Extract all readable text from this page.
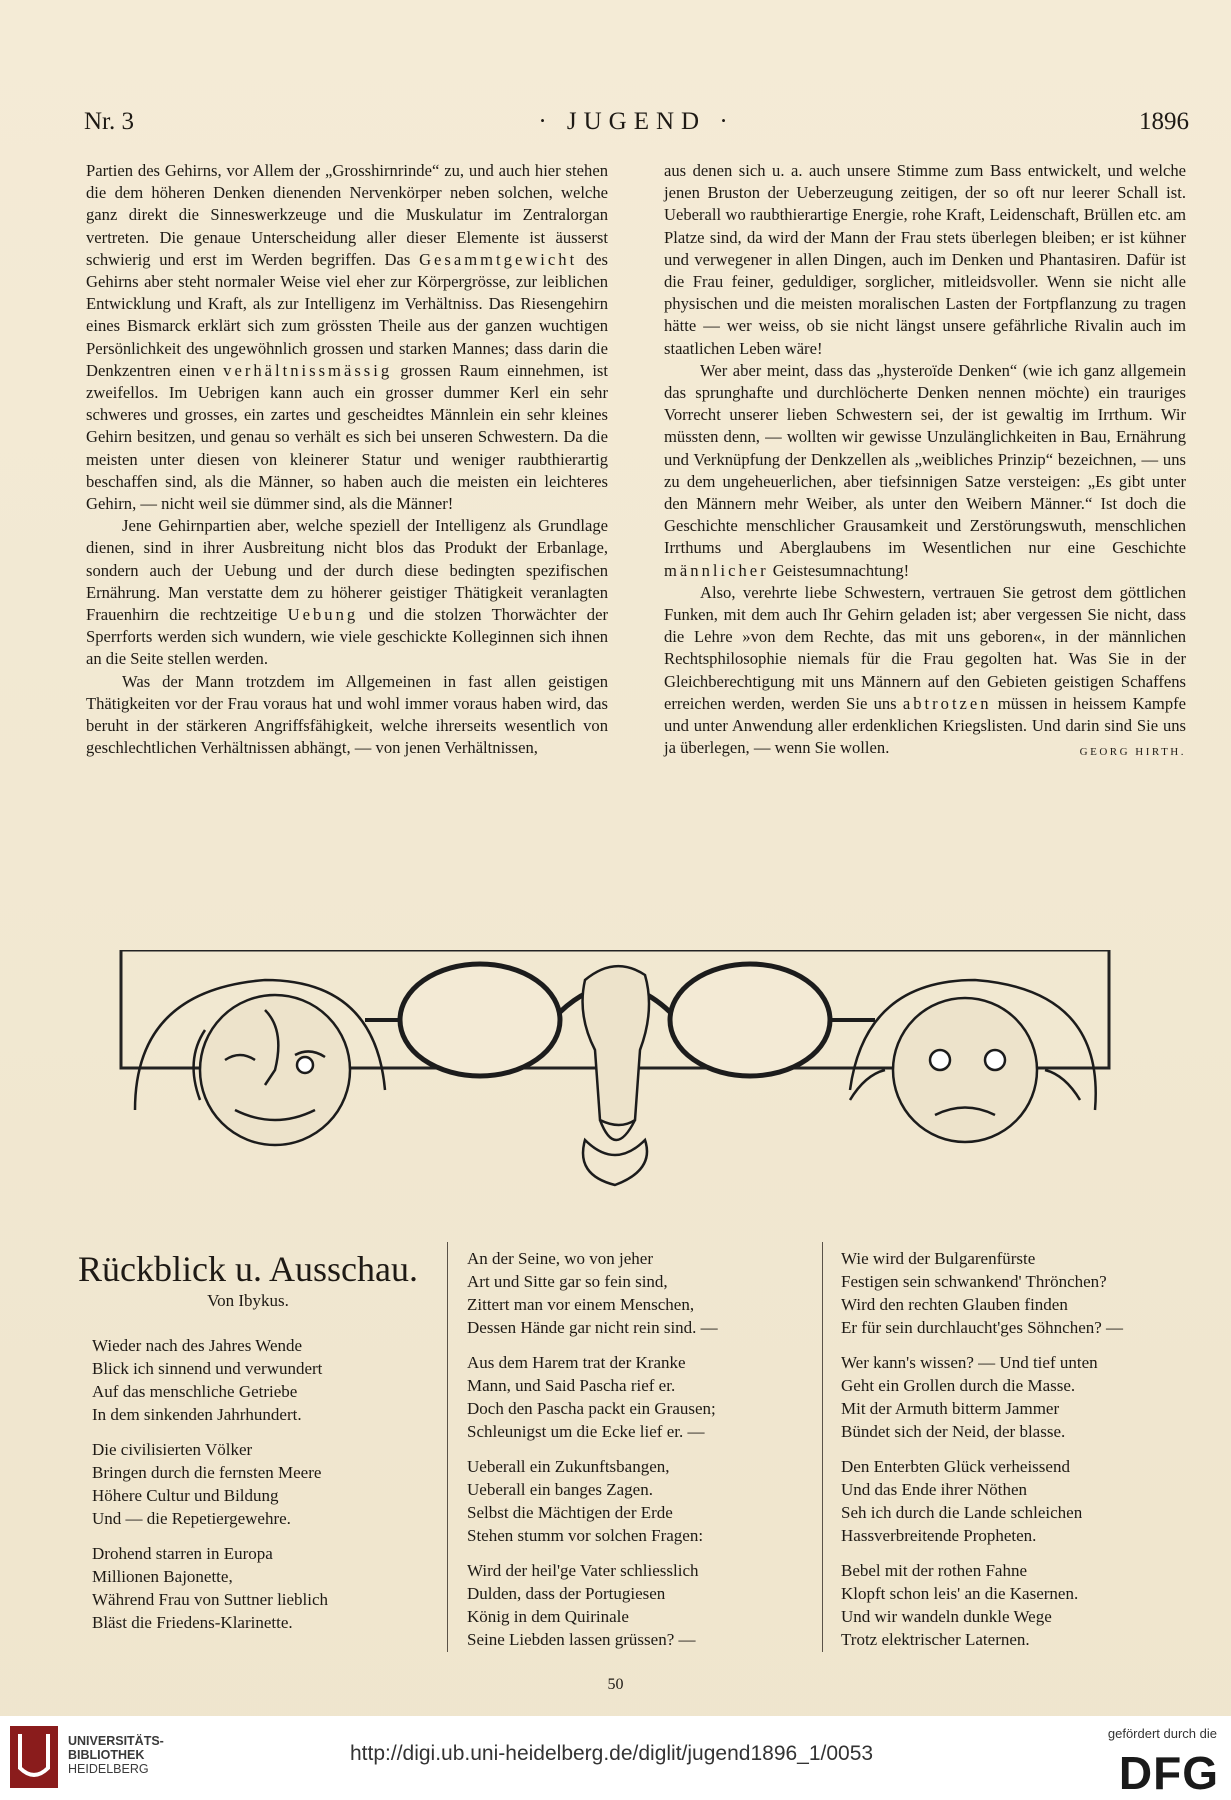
Nr. 3	· JUGEND ·	1896

Partien des Gehirns, vor Allem der „Grosshirnrinde“ zu, und auch hier stehen die dem höheren Denken dienenden Nervenkörper neben solchen, welche ganz direkt die Sinneswerkzeuge und die Muskulatur im Zentralorgan vertreten. Die genaue Unterscheidung aller dieser Elemente ist äusserst schwierig und erst im Werden begriffen. Das Gesammtgewicht des Gehirns aber steht normaler Weise viel eher zur Körpergrösse, zur leiblichen Entwicklung und Kraft, als zur Intelligenz im Verhältniss. Das Riesengehirn eines Bismarck erklärt sich zum grössten Theile aus der ganzen wuchtigen Persönlichkeit des ungewöhnlich grossen und starken Mannes; dass darin die Denkzentren einen verhältnissmässig grossen Raum einnehmen, ist zweifellos. Im Uebrigen kann auch ein grosser dummer Kerl ein sehr schweres und grosses, ein zartes und gescheidtes Männlein ein sehr kleines Gehirn besitzen, und genau so verhält es sich bei unseren Schwestern. Da die meisten unter diesen von kleinerer Statur und weniger raubthierartig beschaffen sind, als die Männer, so haben auch die meisten ein leichteres Gehirn, — nicht weil sie dümmer sind, als die Männer!

Jene Gehirnpartien aber, welche speziell der Intelligenz als Grundlage dienen, sind in ihrer Ausbreitung nicht blos das Produkt der Erbanlage, sondern auch der Uebung und der durch diese bedingten spezifischen Ernährung. Man verstatte dem zu höherer geistiger Thätigkeit veranlagten Frauenhirn die rechtzeitige Uebung und die stolzen Thorwächter der Sperrforts werden sich wundern, wie viele geschickte Kolleginnen sich ihnen an die Seite stellen werden.

Was der Mann trotzdem im Allgemeinen in fast allen geistigen Thätigkeiten vor der Frau voraus hat und wohl immer voraus haben wird, das beruht in der stärkeren Angriffsfähigkeit, welche ihrerseits wesentlich von geschlechtlichen Verhältnissen abhängt, — von jenen Verhältnissen,

aus denen sich u. a. auch unsere Stimme zum Bass entwickelt, und welche jenen Bruston der Ueberzeugung zeitigen, der so oft nur leerer Schall ist. Ueberall wo raubthierartige Energie, rohe Kraft, Leidenschaft, Brüllen etc. am Platze sind, da wird der Mann der Frau stets überlegen bleiben; er ist kühner und verwegener in allen Dingen, auch im Denken und Phantasiren. Dafür ist die Frau feiner, geduldiger, sorglicher, mitleidsvoller. Wenn sie nicht alle physischen und die meisten moralischen Lasten der Fortpflanzung zu tragen hätte — wer weiss, ob sie nicht längst unsere gefährliche Rivalin auch im staatlichen Leben wäre!

Wer aber meint, dass das „hysteroïde Denken“ (wie ich ganz allgemein das sprunghafte und durchlöcherte Denken nennen möchte) ein trauriges Vorrecht unserer lieben Schwestern sei, der ist gewaltig im Irrthum. Wir müssten denn, — wollten wir gewisse Unzulänglichkeiten in Bau, Ernährung und Verknüpfung der Denkzellen als „weibliches Prinzip“ bezeichnen, — uns zu dem ungeheuerlichen, aber tiefsinnigen Satze versteigen: „Es gibt unter den Männern mehr Weiber, als unter den Weibern Männer.“ Ist doch die Geschichte menschlicher Grausamkeit und Zerstörungswuth, menschlichen Irrthums und Aberglaubens im Wesentlichen nur eine Geschichte männlicher Geistesumnachtung!

Also, verehrte liebe Schwestern, vertrauen Sie getrost dem göttlichen Funken, mit dem auch Ihr Gehirn geladen ist; aber vergessen Sie nicht, dass die Lehre »von dem Rechte, das mit uns geboren«, in der männlichen Rechtsphilosophie niemals für die Frau gegolten hat. Was Sie in der Gleichberechtigung mit uns Männern auf den Gebieten geistigen Schaffens erreichen werden, werden Sie uns abtrotzen müssen in heissem Kampfe und unter Anwendung aller erdenklichen Kriegslisten. Und darin sind Sie uns ja überlegen, — wenn Sie wollen.	GEORG HIRTH.

Rückblick u. Ausschau.
Von Ibykus.
Wieder nach des Jahres Wende
Blick ich sinnend und verwundert
Auf das menschliche Getriebe
In dem sinkenden Jahrhundert.
Die civilisierten Völker
Bringen durch die fernsten Meere
Höhere Cultur und Bildung
Und — die Repetiergewehre.
Drohend starren in Europa
Millionen Bajonette,
Während Frau von Suttner lieblich
Bläst die Friedens-Klarinette.
An der Seine, wo von jeher
Art und Sitte gar so fein sind,
Zittert man vor einem Menschen,
Dessen Hände gar nicht rein sind. —
Aus dem Harem trat der Kranke
Mann, und Said Pascha rief er.
Doch den Pascha packt ein Grausen;
Schleunigst um die Ecke lief er. —
Ueberall ein Zukunftsbangen,
Ueberall ein banges Zagen.
Selbst die Mächtigen der Erde
Stehen stumm vor solchen Fragen:
Wird der heil'ge Vater schliesslich
Dulden, dass der Portugiesen
König in dem Quirinale
Seine Liebden lassen grüssen? —
Wie wird der Bulgarenfürste
Festigen sein schwankend' Thrönchen?
Wird den rechten Glauben finden
Er für sein durchlaucht'ges Söhnchen? —
Wer kann's wissen? — Und tief unten
Geht ein Grollen durch die Masse.
Mit der Armuth bitterm Jammer
Bündet sich der Neid, der blasse.
Den Enterbten Glück verheissend
Und das Ende ihrer Nöthen
Seh ich durch die Lande schleichen
Hassverbreitende Propheten.
Bebel mit der rothen Fahne
Klopft schon leis' an die Kasernen.
Und wir wandeln dunkle Wege
Trotz elektrischer Laternen.
50
UNIVERSITÄTS-
BIBLIOTHEK
HEIDELBERG
http://digi.ub.uni-heidelberg.de/diglit/jugend1896_1/0053
gefördert durch die
DFG
